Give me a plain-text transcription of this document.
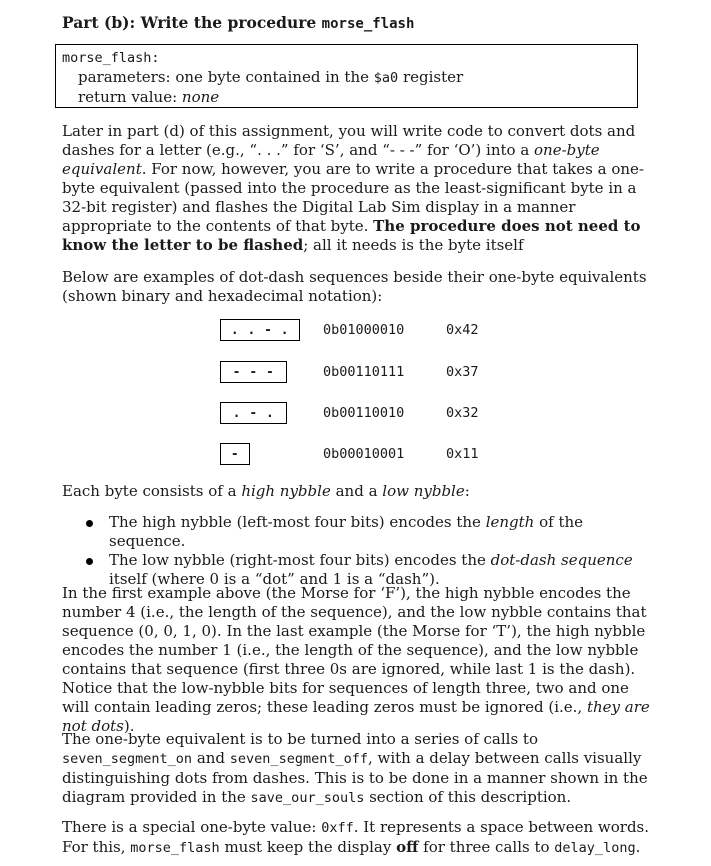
Part (b): Write the procedure morse_flash
morse_flash:
parameters: one byte contained in the $a0 register
return value: none

Later in part (d) of this assignment, you will write code to convert dots and dashes for a letter (e.g., “. . .” for ‘S’, and “- - -” for ‘O’) into a one-byte equivalent. For now, however, you are to write a procedure that takes a one-byte equivalent (passed into the procedure as the least-significant byte in a 32-bit register) and flashes the Digital Lab Sim display in a manner appropriate to the contents of that byte. The procedure does not need to know the letter to be flashed; all it needs is the byte itself

Below are examples of dot-dash sequences beside their one-byte equivalents (shown binary and hexadecimal notation):

. . - .	0b01000010	0x42
- - -	0b00110111	0x37
. - .	0b00110010	0x32
-	0b00010001	0x11

Each byte consists of a high nybble and a low nybble:

The high nybble (left-most four bits) encodes the length of the sequence.
The low nybble (right-most four bits) encodes the dot-dash sequence itself (where 0 is a “dot” and 1 is a “dash”).

In the first example above (the Morse for ‘F’), the high nybble encodes the number 4 (i.e., the length of the sequence), and the low nybble contains that sequence (0, 0, 1, 0). In the last example (the Morse for ‘T’), the high nybble encodes the number 1 (i.e., the length of the sequence), and the low nybble contains that sequence (first three 0s are ignored, while last 1 is the dash). Notice that the low-nybble bits for sequences of length three, two and one will contain leading zeros; these leading zeros must be ignored (i.e., they are not dots).

The one-byte equivalent is to be turned into a series of calls to seven_segment_on and seven_segment_off, with a delay between calls visually distinguishing dots from dashes. This is to be done in a manner shown in the diagram provided in the save_our_souls section of this description.

There is a special one-byte value: 0xff. It represents a space between words. For this, morse_flash must keep the display off for three calls to delay_long.
